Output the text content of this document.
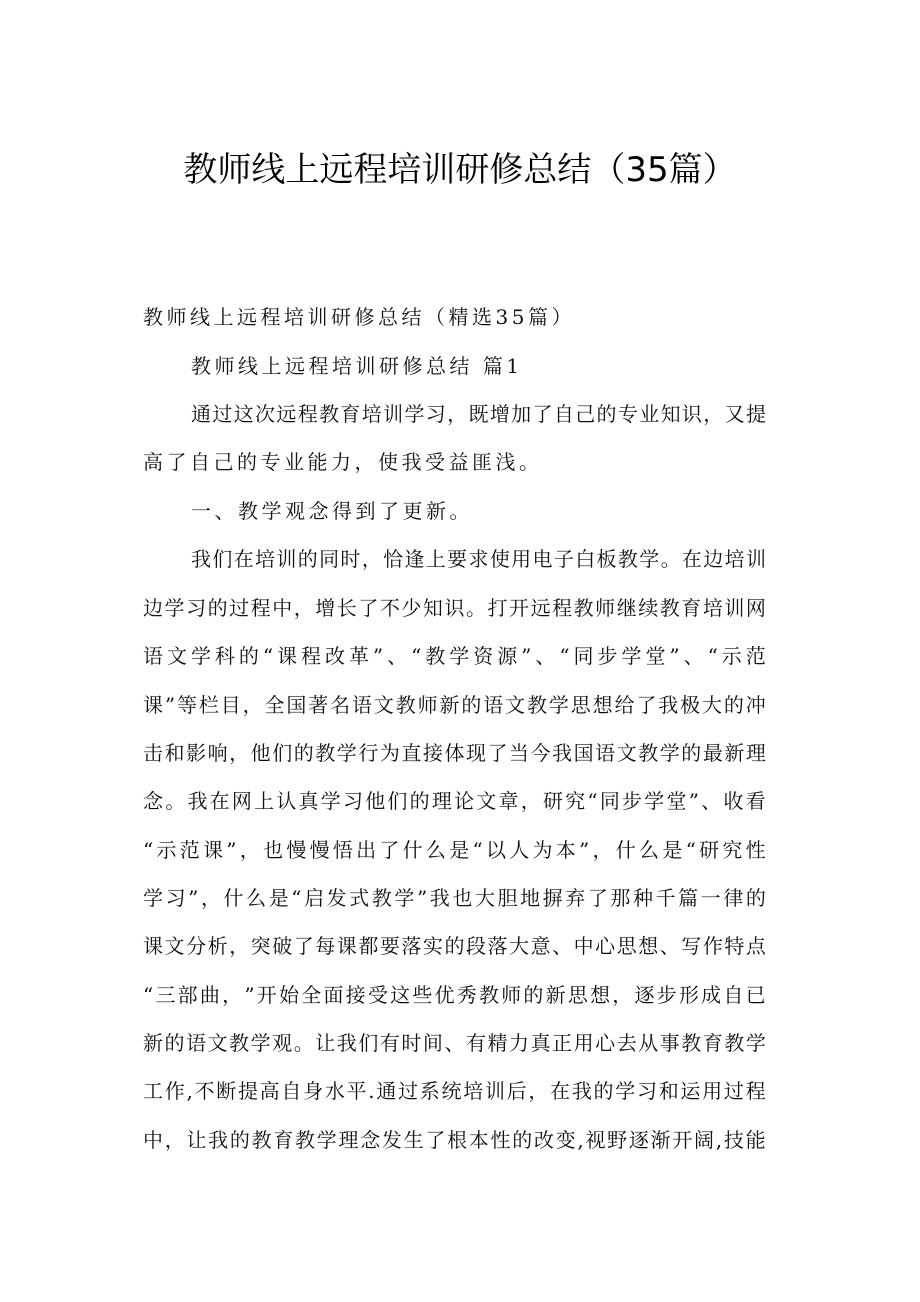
教师线上远程培训研修总结（35篇）
教师线上远程培训研修总结（精选35篇）
教师线上远程培训研修总结 篇1
通 过 这 次 远 程 教 育 培 训 学 习 ， 既 增 加 了 自 己 的 专 业 知 识 ， 又 提
高了自己的专业能力，使我受益匪浅。
一、教学观念得到了更新。
我 们 在 培 训 的 同 时 ， 恰 逢 上 要 求 使 用 电 子 白 板 教 学 。 在 边 培 训
边 学 习 的 过 程 中 ， 增 长 了 不 少 知 识 。 打 开 远 程 教 师 继 续 教 育 培 训 网
语 文 学 科 的 “ 课 程 改 革 ” 、 “ 教 学 资 源 ” 、 “ 同 步 学 堂 ” 、 “ 示 范
课 ” 等 栏 目 ， 全 国 著 名 语 文 教 师 新 的 语 文 教 学 思 想 给 了 我 极 大 的 冲
击 和 影 响 ， 他 们 的 教 学 行 为 直 接 体 现 了 当 今 我 国 语 文 教 学 的 最 新 理
念 。 我 在 网 上 认 真 学 习 他 们 的 理 论 文 章 ， 研 究 “ 同 步 学 堂 ” 、 收 看
“ 示 范 课 ” ， 也 慢 慢 悟 出 了 什 么 是 “ 以 人 为 本 ” ， 什 么 是 “ 研 究 性
学 习 ” ， 什 么 是 “ 启 发 式 教 学 ” 我 也 大 胆 地 摒 弃 了 那 种 千 篇 一 律 的
课 文 分 析 ， 突 破 了 每 课 都 要 落 实 的 段 落 大 意 、 中 心 思 想 、 写 作 特 点
“ 三 部 曲 ， ” 开 始 全 面 接 受 这 些 优 秀 教 师 的 新 思 想 ， 逐 步 形 成 自 已
新 的 语 文 教 学 观 。 让 我 们 有 时 间 、 有 精 力 真 正 用 心 去 从 事 教 育 教 学
工 作 , 不 断 提 高 自 身 水 平 . 通 过 系 统 培 训 后 ， 在 我 的 学 习 和 运 用 过 程
中 ， 让 我 的 教 育 教 学 理 念 发 生 了 根 本 性 的 改 变 , 视 野 逐 渐 开 阔 , 技 能
